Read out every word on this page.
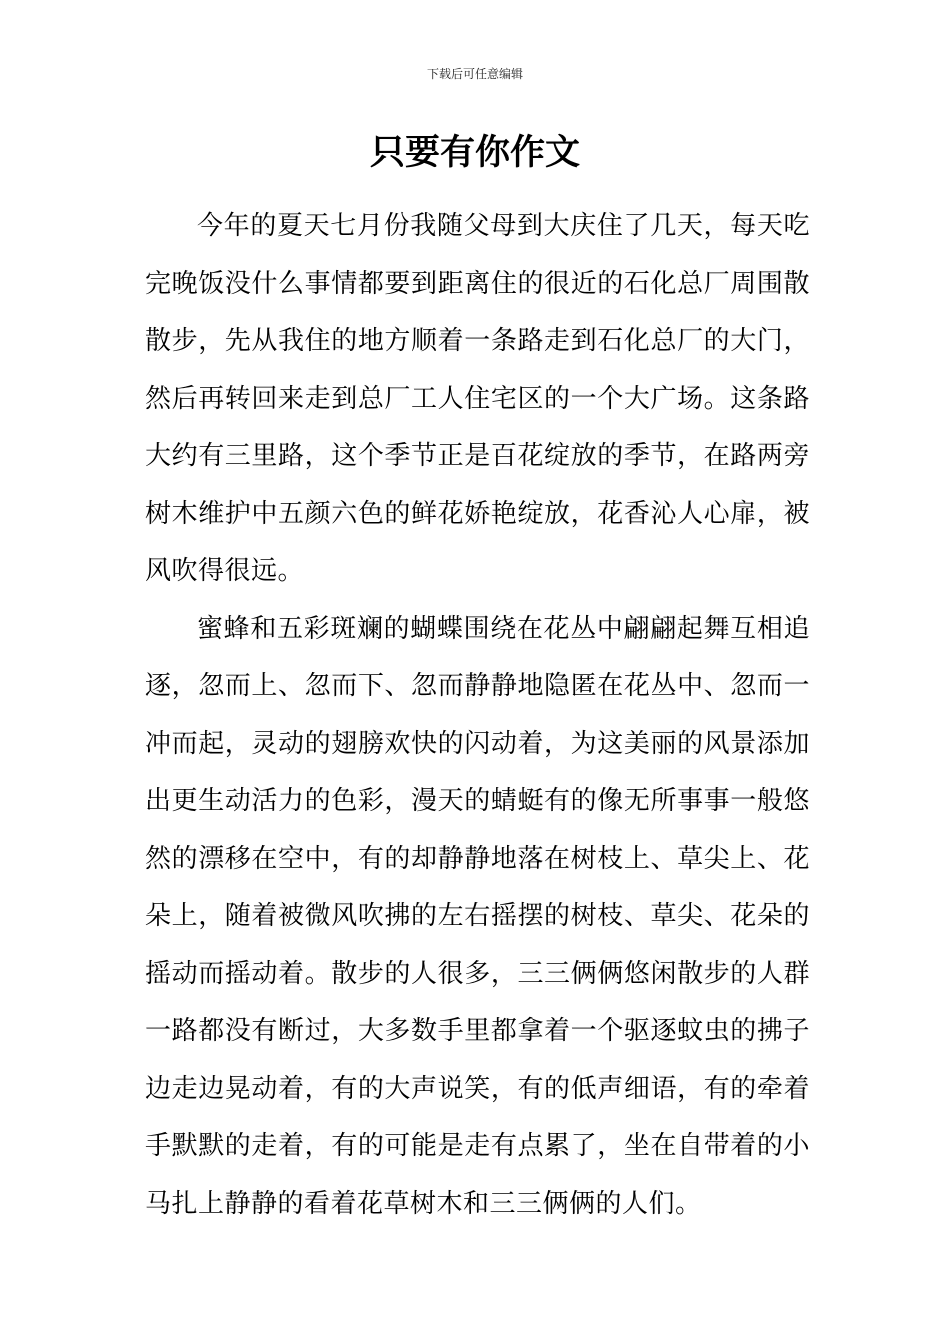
下载后可任意编辑
只要有你作文

今年的夏天七月份我随父母到大庆住了几天，每天吃完晚饭没什么事情都要到距离住的很近的石化总厂周围散散步，先从我住的地方顺着一条路走到石化总厂的大门，然后再转回来走到总厂工人住宅区的一个大广场。这条路大约有三里路，这个季节正是百花绽放的季节，在路两旁树木维护中五颜六色的鲜花娇艳绽放，花香沁人心扉，被风吹得很远。

蜜蜂和五彩斑斓的蝴蝶围绕在花丛中翩翩起舞互相追逐，忽而上、忽而下、忽而静静地隐匿在花丛中、忽而一冲而起，灵动的翅膀欢快的闪动着，为这美丽的风景添加出更生动活力的色彩，漫天的蜻蜓有的像无所事事一般悠然的漂移在空中，有的却静静地落在树枝上、草尖上、花朵上，随着被微风吹拂的左右摇摆的树枝、草尖、花朵的摇动而摇动着。散步的人很多，三三俩俩悠闲散步的人群一路都没有断过，大多数手里都拿着一个驱逐蚊虫的拂子边走边晃动着，有的大声说笑，有的低声细语，有的牵着手默默的走着，有的可能是走有点累了，坐在自带着的小马扎上静静的看着花草树木和三三俩俩的人们。
